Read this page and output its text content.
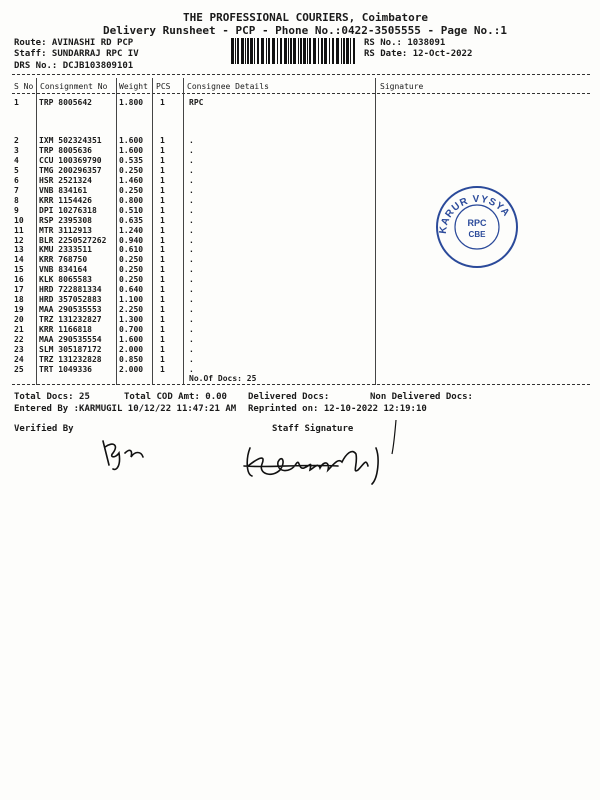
THE PROFESSIONAL COURIERS, Coimbatore
Delivery Runsheet - PCP - Phone No.:0422-3505555 - Page No.:1
Route: AVINASHI RD PCP
Staff: SUNDARRAJ RPC IV
DRS No.: DCJB103809101
RS No.: 1038091
RS Date: 12-Oct-2022
S No Consignment No Weight PCS Consignee Details	Signature
1	TRP 8005642	1.800 1	RPC
2	IXM 502324351 1.600 1	.
3	TRP 8005636	1.600 1	.
4	CCU 100369790 0.535 1	.
5	TMG 200296357 0.250 1	.
6	HSR 2521324	1.460 1	.
7	VNB 834161	0.250 1	.
8	KRR 1154426	0.800 1	.
9	DPI 10276318	0.510 1	.
10 RSP 2395308	0.635 1	.
11 MTR 3112913	1.240 1	.
12 BLR 2250527262 0.940 1	.
13 KMU 2333511	0.610 1	.
14 KRR 768750	0.250 1	.
15 VNB 834164	0.250 1	.
16 KLK 8065583	0.250 1	.
17 HRD 722881334 0.640 1	.
18 HRD 357052883 1.100 1	.
19 MAA 290535553 2.250 1	.
20 TRZ 131232827 1.300 1	.
21 KRR 1166818	0.700 1	.
22 MAA 290535554 1.600 1	.
23 SLM 305187172 2.000 1	.
24 TRZ 131232828 0.850 1	.
25 TRT 1049336	2.000 1	.
No.Of Docs: 25
Total Docs: 25	Total COD Amt: 0.00 Delivered Docs:	Non Delivered Docs:
Entered By :KARMUGIL 10/12/22 11:47:21 AM Reprinted on: 12-10-2022 12:19:10
Verified By	Staff Signature
KARUR VYSYA
RPC
CBE
